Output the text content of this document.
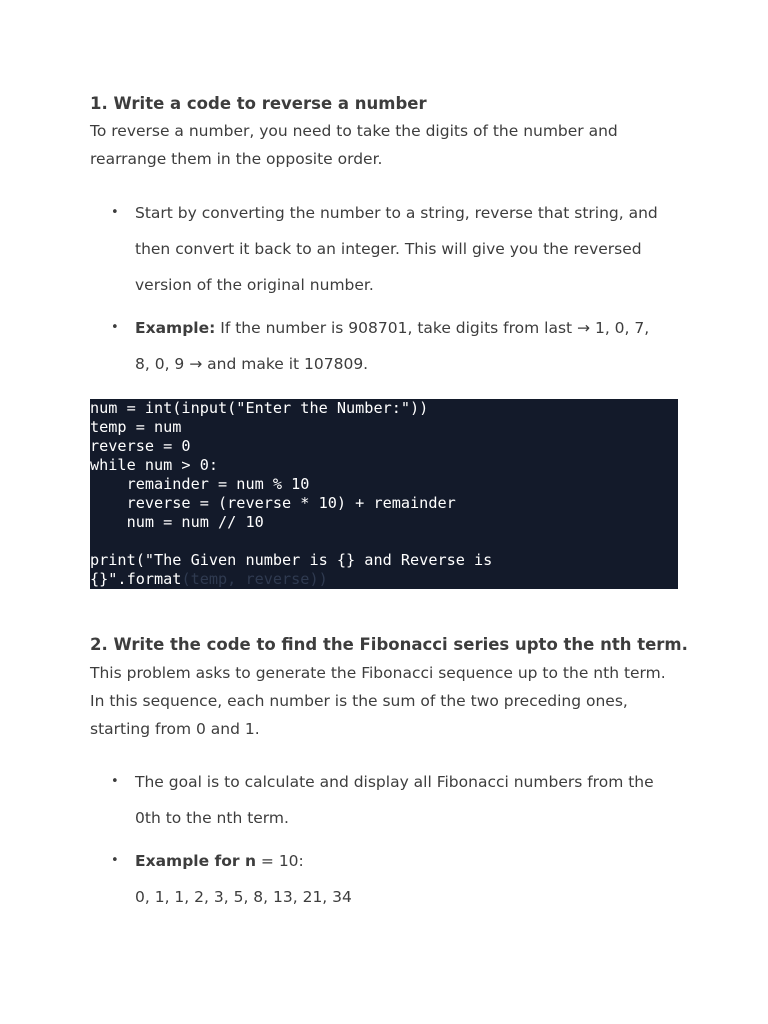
1. Write a code to reverse a number

To reverse a number, you need to take the digits of the number and rearrange them in the opposite order.

• Start by converting the number to a string, reverse that string, and then convert it back to an integer. This will give you the reversed version of the original number.
• Example: If the number is 908701, take digits from last → 1, 0, 7, 8, 0, 9 → and make it 107809.
num = int(input("Enter the Number:"))
temp = num
reverse = 0
while num > 0:
remainder = num % 10
reverse = (reverse * 10) + remainder
num = num // 10

print("The Given number is {} and Reverse is
{}".format(temp, reverse))
2. Write the code to find the Fibonacci series upto the nth term.

This problem asks to generate the Fibonacci sequence up to the nth term. In this sequence, each number is the sum of the two preceding ones, starting from 0 and 1.

• The goal is to calculate and display all Fibonacci numbers from the 0th to the nth term.
• Example for n = 10:
0, 1, 1, 2, 3, 5, 8, 13, 21, 34
